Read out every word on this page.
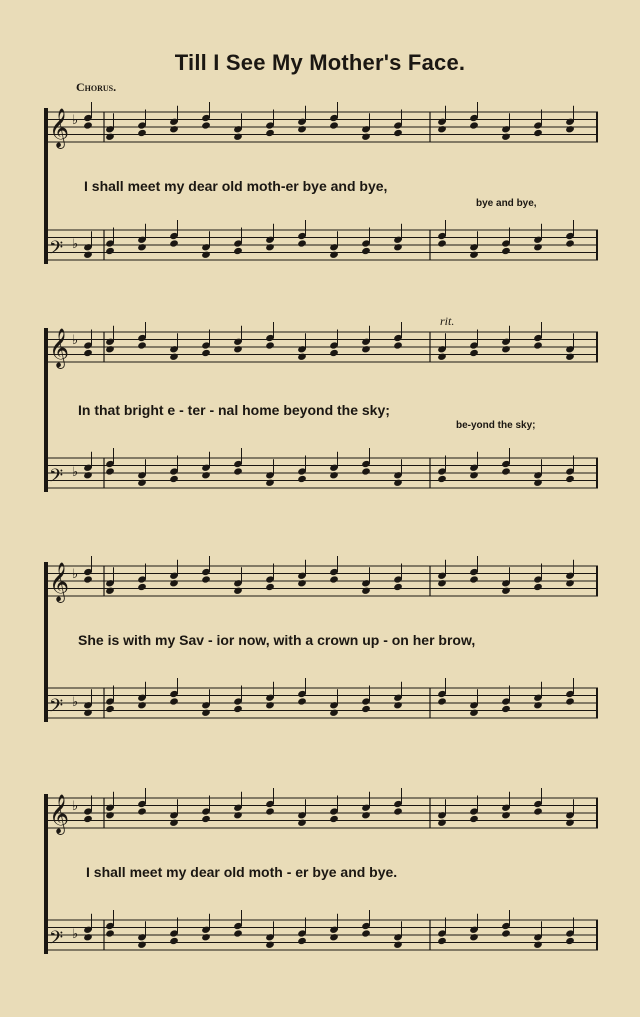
Till I See My Mother's Face.
Chorus.
𝄞 ♭
I shall meet my dear old moth-er bye and bye,
bye and bye,
𝄢 ♭
rit.
𝄞 ♭
In that bright e - ter - nal home beyond the sky;
be-yond the sky;
𝄢 ♭
𝄞 ♭
She is with my Sav - ior now, with a crown up - on her brow,
𝄢 ♭
𝄞 ♭
I shall meet my dear old moth - er bye and bye.
𝄢 ♭
